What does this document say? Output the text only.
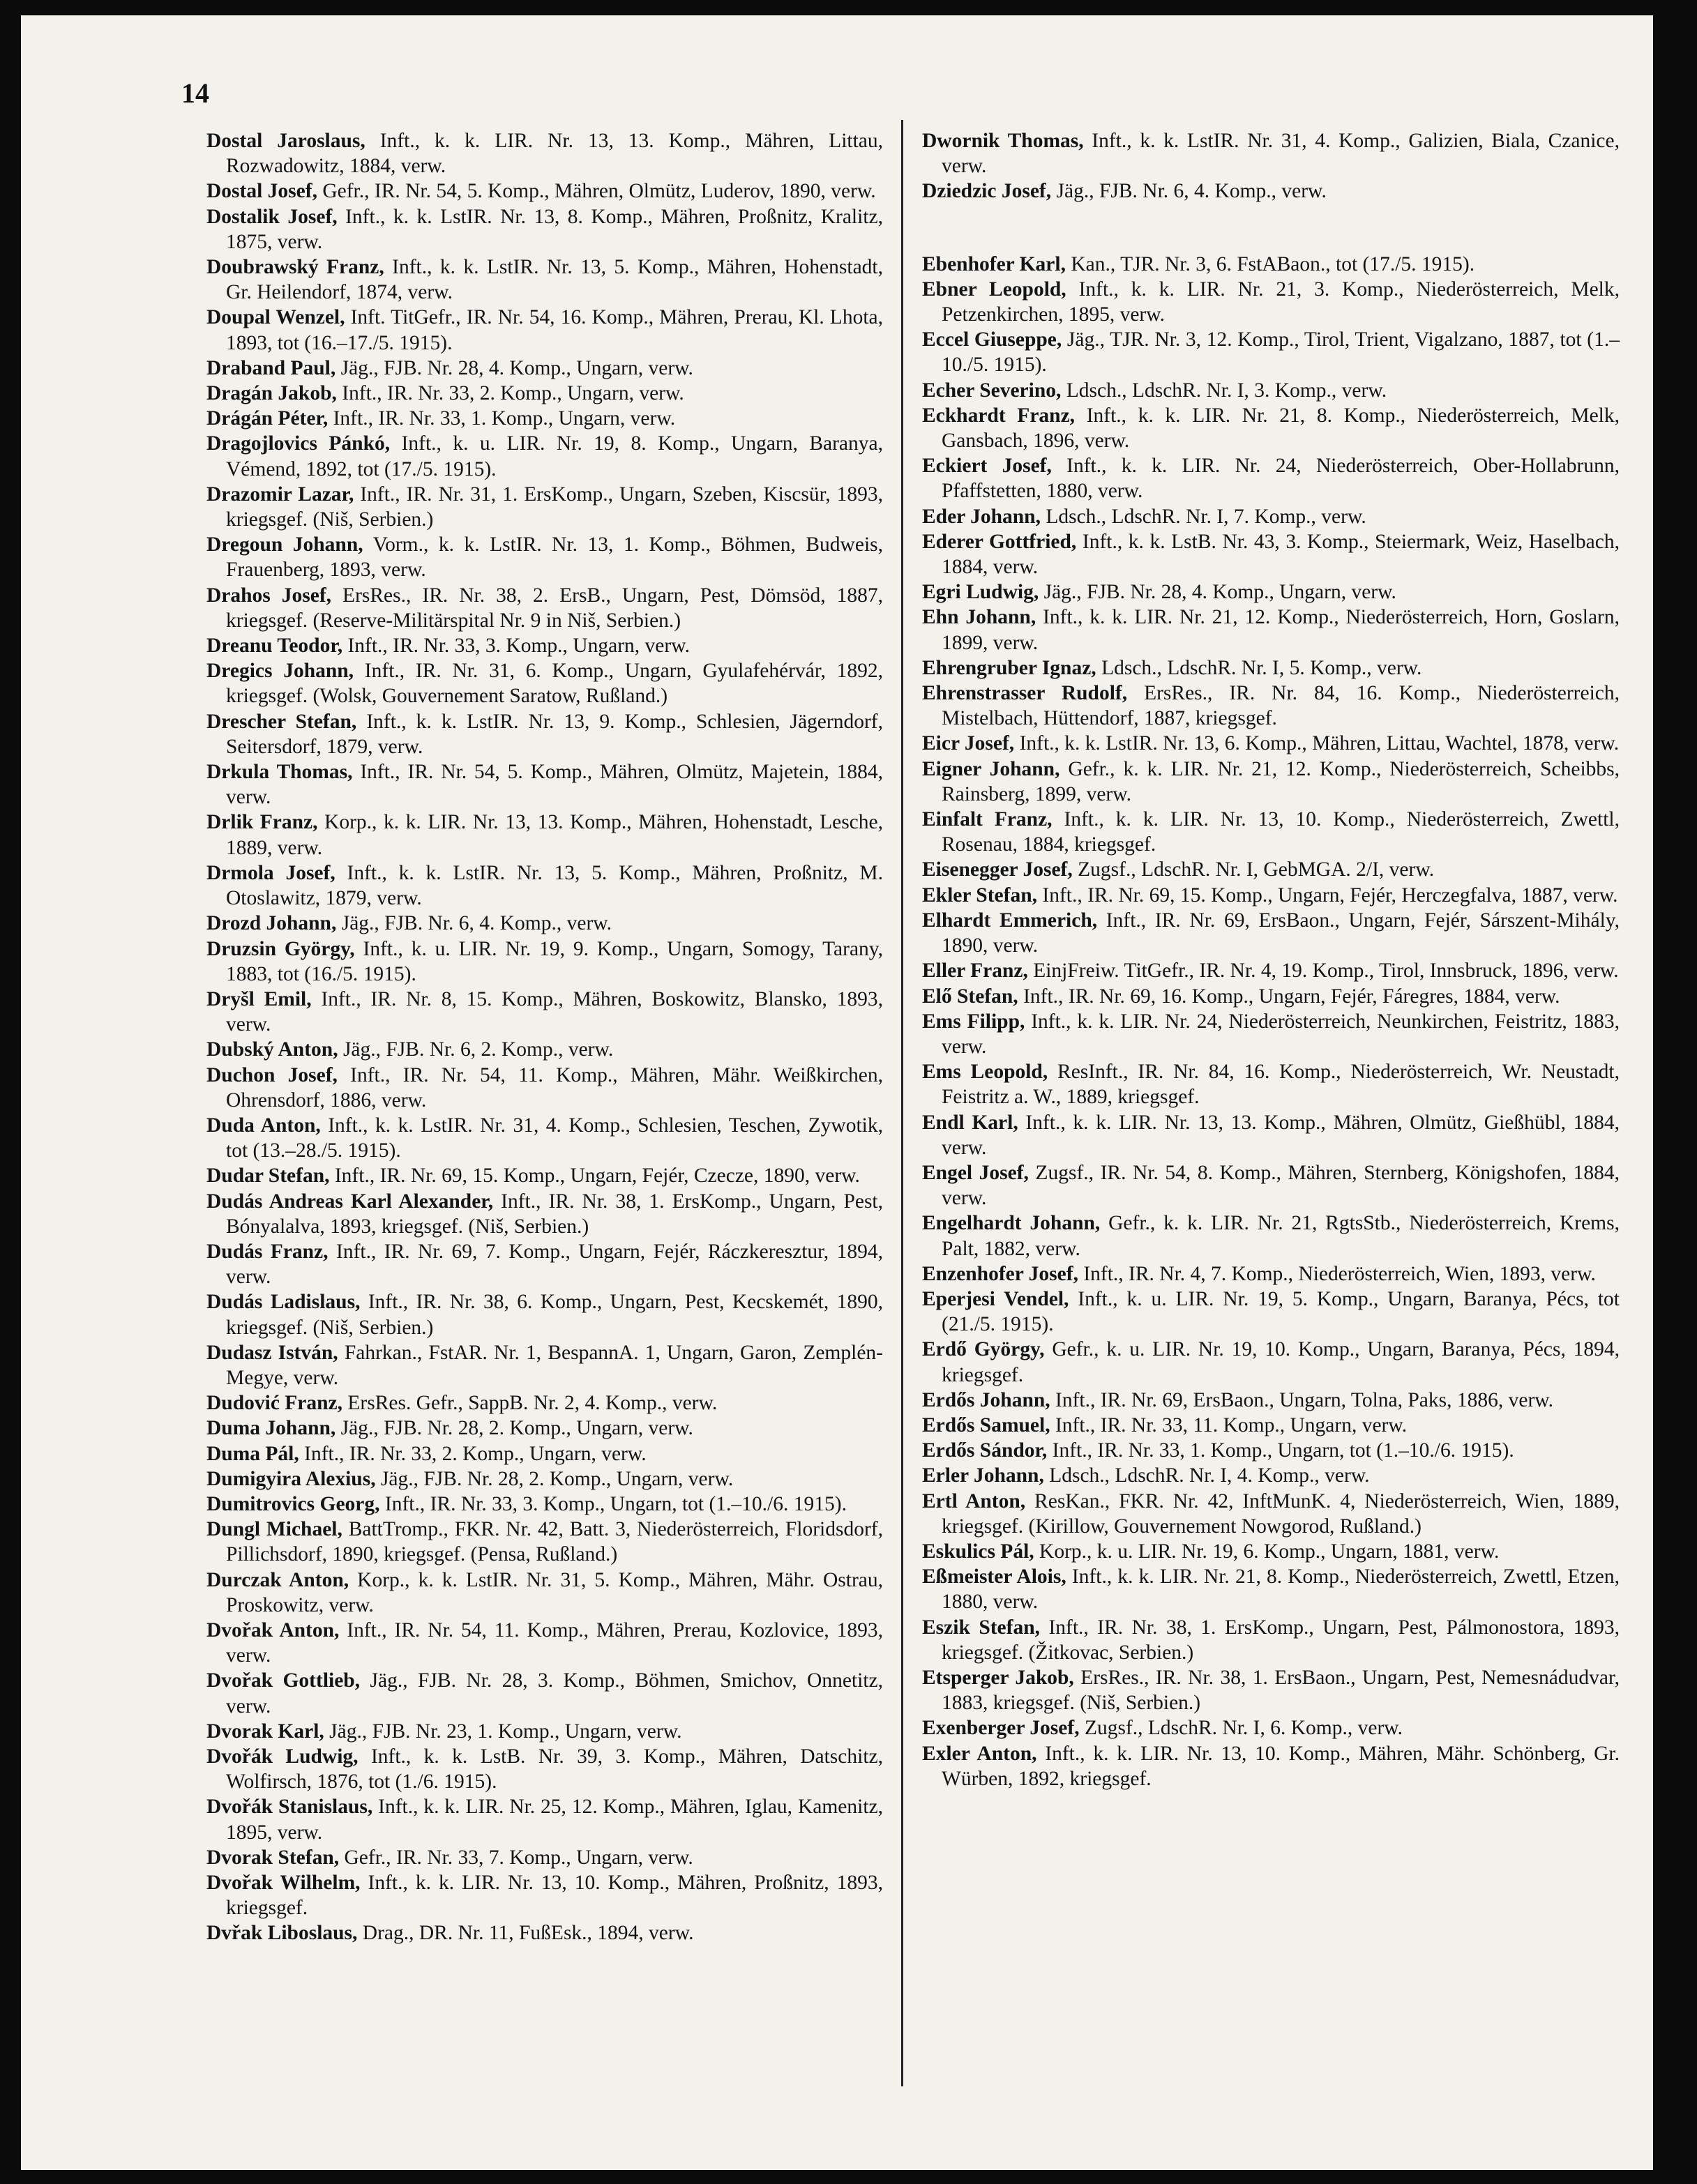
14
Dostal Jaroslaus, Inft., k. k. LIR. Nr. 13, 13. Komp., Mähren, Littau, Rozwadowitz, 1884, verw.
Dostal Josef, Gefr., IR. Nr. 54, 5. Komp., Mähren, Olmütz, Luderov, 1890, verw.
Dostalik Josef, Inft., k. k. LstIR. Nr. 13, 8. Komp., Mähren, Proßnitz, Kralitz, 1875, verw.
Doubrawský Franz, Inft., k. k. LstIR. Nr. 13, 5. Komp., Mähren, Hohenstadt, Gr. Heilendorf, 1874, verw.
Doupal Wenzel, Inft. TitGefr., IR. Nr. 54, 16. Komp., Mähren, Prerau, Kl. Lhota, 1893, tot (16.–17./5. 1915).
Draband Paul, Jäg., FJB. Nr. 28, 4. Komp., Ungarn, verw.
Dragán Jakob, Inft., IR. Nr. 33, 2. Komp., Ungarn, verw.
Drágán Péter, Inft., IR. Nr. 33, 1. Komp., Ungarn, verw.
Dragojlovics Pánkó, Inft., k. u. LIR. Nr. 19, 8. Komp., Ungarn, Baranya, Vémend, 1892, tot (17./5. 1915).
Drazomir Lazar, Inft., IR. Nr. 31, 1. ErsKomp., Ungarn, Szeben, Kiscsür, 1893, kriegsgef. (Niš, Serbien.)
Dregoun Johann, Vorm., k. k. LstIR. Nr. 13, 1. Komp., Böhmen, Budweis, Frauenberg, 1893, verw.
Drahos Josef, ErsRes., IR. Nr. 38, 2. ErsB., Ungarn, Pest, Dömsöd, 1887, kriegsgef. (Reserve-Militärspital Nr. 9 in Niš, Serbien.)
Dreanu Teodor, Inft., IR. Nr. 33, 3. Komp., Ungarn, verw.
Dregics Johann, Inft., IR. Nr. 31, 6. Komp., Ungarn, Gyulafehérvár, 1892, kriegsgef. (Wolsk, Gouvernement Saratow, Rußland.)
Drescher Stefan, Inft., k. k. LstIR. Nr. 13, 9. Komp., Schlesien, Jägerndorf, Seitersdorf, 1879, verw.
Drkula Thomas, Inft., IR. Nr. 54, 5. Komp., Mähren, Olmütz, Majetein, 1884, verw.
Drlik Franz, Korp., k. k. LIR. Nr. 13, 13. Komp., Mähren, Hohenstadt, Lesche, 1889, verw.
Drmola Josef, Inft., k. k. LstIR. Nr. 13, 5. Komp., Mähren, Proßnitz, M. Otoslawitz, 1879, verw.
Drozd Johann, Jäg., FJB. Nr. 6, 4. Komp., verw.
Druzsin György, Inft., k. u. LIR. Nr. 19, 9. Komp., Ungarn, Somogy, Tarany, 1883, tot (16./5. 1915).
Dryšl Emil, Inft., IR. Nr. 8, 15. Komp., Mähren, Boskowitz, Blansko, 1893, verw.
Dubský Anton, Jäg., FJB. Nr. 6, 2. Komp., verw.
Duchon Josef, Inft., IR. Nr. 54, 11. Komp., Mähren, Mähr. Weißkirchen, Ohrensdorf, 1886, verw.
Duda Anton, Inft., k. k. LstIR. Nr. 31, 4. Komp., Schlesien, Teschen, Zywotik, tot (13.–28./5. 1915).
Dudar Stefan, Inft., IR. Nr. 69, 15. Komp., Ungarn, Fejér, Czecze, 1890, verw.
Dudás Andreas Karl Alexander, Inft., IR. Nr. 38, 1. ErsKomp., Ungarn, Pest, Bónyalalva, 1893, kriegsgef. (Niš, Serbien.)
Dudás Franz, Inft., IR. Nr. 69, 7. Komp., Ungarn, Fejér, Ráczkeresztur, 1894, verw.
Dudás Ladislaus, Inft., IR. Nr. 38, 6. Komp., Ungarn, Pest, Kecskemét, 1890, kriegsgef. (Niš, Serbien.)
Dudasz István, Fahrkan., FstAR. Nr. 1, BespannA. 1, Ungarn, Garon, Zemplén-Megye, verw.
Dudović Franz, ErsRes. Gefr., SappB. Nr. 2, 4. Komp., verw.
Duma Johann, Jäg., FJB. Nr. 28, 2. Komp., Ungarn, verw.
Duma Pál, Inft., IR. Nr. 33, 2. Komp., Ungarn, verw.
Dumigyira Alexius, Jäg., FJB. Nr. 28, 2. Komp., Ungarn, verw.
Dumitrovics Georg, Inft., IR. Nr. 33, 3. Komp., Ungarn, tot (1.–10./6. 1915).
Dungl Michael, BattTromp., FKR. Nr. 42, Batt. 3, Niederösterreich, Floridsdorf, Pillichsdorf, 1890, kriegsgef. (Pensa, Rußland.)
Durczak Anton, Korp., k. k. LstIR. Nr. 31, 5. Komp., Mähren, Mähr. Ostrau, Proskowitz, verw.
Dvořak Anton, Inft., IR. Nr. 54, 11. Komp., Mähren, Prerau, Kozlovice, 1893, verw.
Dvořak Gottlieb, Jäg., FJB. Nr. 28, 3. Komp., Böhmen, Smichov, Onnetitz, verw.
Dvorak Karl, Jäg., FJB. Nr. 23, 1. Komp., Ungarn, verw.
Dvořák Ludwig, Inft., k. k. LstB. Nr. 39, 3. Komp., Mähren, Datschitz, Wolfirsch, 1876, tot (1./6. 1915).
Dvořák Stanislaus, Inft., k. k. LIR. Nr. 25, 12. Komp., Mähren, Iglau, Kamenitz, 1895, verw.
Dvorak Stefan, Gefr., IR. Nr. 33, 7. Komp., Ungarn, verw.
Dvořak Wilhelm, Inft., k. k. LIR. Nr. 13, 10. Komp., Mähren, Proßnitz, 1893, kriegsgef.
Dvřak Liboslaus, Drag., DR. Nr. 11, FußEsk., 1894, verw.
Dwornik Thomas, Inft., k. k. LstIR. Nr. 31, 4. Komp., Galizien, Biala, Czanice, verw.
Dziedzic Josef, Jäg., FJB. Nr. 6, 4. Komp., verw.
Ebenhofer Karl, Kan., TJR. Nr. 3, 6. FstABaon., tot (17./5. 1915).
Ebner Leopold, Inft., k. k. LIR. Nr. 21, 3. Komp., Niederösterreich, Melk, Petzenkirchen, 1895, verw.
Eccel Giuseppe, Jäg., TJR. Nr. 3, 12. Komp., Tirol, Trient, Vigalzano, 1887, tot (1.–10./5. 1915).
Echer Severino, Ldsch., LdschR. Nr. I, 3. Komp., verw.
Eckhardt Franz, Inft., k. k. LIR. Nr. 21, 8. Komp., Niederösterreich, Melk, Gansbach, 1896, verw.
Eckiert Josef, Inft., k. k. LIR. Nr. 24, Niederösterreich, Ober-Hollabrunn, Pfaffstetten, 1880, verw.
Eder Johann, Ldsch., LdschR. Nr. I, 7. Komp., verw.
Ederer Gottfried, Inft., k. k. LstB. Nr. 43, 3. Komp., Steiermark, Weiz, Haselbach, 1884, verw.
Egri Ludwig, Jäg., FJB. Nr. 28, 4. Komp., Ungarn, verw.
Ehn Johann, Inft., k. k. LIR. Nr. 21, 12. Komp., Niederösterreich, Horn, Goslarn, 1899, verw.
Ehrengruber Ignaz, Ldsch., LdschR. Nr. I, 5. Komp., verw.
Ehrenstrasser Rudolf, ErsRes., IR. Nr. 84, 16. Komp., Niederösterreich, Mistelbach, Hüttendorf, 1887, kriegsgef.
Eicr Josef, Inft., k. k. LstIR. Nr. 13, 6. Komp., Mähren, Littau, Wachtel, 1878, verw.
Eigner Johann, Gefr., k. k. LIR. Nr. 21, 12. Komp., Niederösterreich, Scheibbs, Rainsberg, 1899, verw.
Einfalt Franz, Inft., k. k. LIR. Nr. 13, 10. Komp., Niederösterreich, Zwettl, Rosenau, 1884, kriegsgef.
Eisenegger Josef, Zugsf., LdschR. Nr. I, GebMGA. 2/I, verw.
Ekler Stefan, Inft., IR. Nr. 69, 15. Komp., Ungarn, Fejér, Herczegfalva, 1887, verw.
Elhardt Emmerich, Inft., IR. Nr. 69, ErsBaon., Ungarn, Fejér, Sárszent-Mihály, 1890, verw.
Eller Franz, EinjFreiw. TitGefr., IR. Nr. 4, 19. Komp., Tirol, Innsbruck, 1896, verw.
Elő Stefan, Inft., IR. Nr. 69, 16. Komp., Ungarn, Fejér, Fáregres, 1884, verw.
Ems Filipp, Inft., k. k. LIR. Nr. 24, Niederösterreich, Neunkirchen, Feistritz, 1883, verw.
Ems Leopold, ResInft., IR. Nr. 84, 16. Komp., Niederösterreich, Wr. Neustadt, Feistritz a. W., 1889, kriegsgef.
Endl Karl, Inft., k. k. LIR. Nr. 13, 13. Komp., Mähren, Olmütz, Gießhübl, 1884, verw.
Engel Josef, Zugsf., IR. Nr. 54, 8. Komp., Mähren, Sternberg, Königshofen, 1884, verw.
Engelhardt Johann, Gefr., k. k. LIR. Nr. 21, RgtsStb., Niederösterreich, Krems, Palt, 1882, verw.
Enzenhofer Josef, Inft., IR. Nr. 4, 7. Komp., Niederösterreich, Wien, 1893, verw.
Eperjesi Vendel, Inft., k. u. LIR. Nr. 19, 5. Komp., Ungarn, Baranya, Pécs, tot (21./5. 1915).
Erdő György, Gefr., k. u. LIR. Nr. 19, 10. Komp., Ungarn, Baranya, Pécs, 1894, kriegsgef.
Erdős Johann, Inft., IR. Nr. 69, ErsBaon., Ungarn, Tolna, Paks, 1886, verw.
Erdős Samuel, Inft., IR. Nr. 33, 11. Komp., Ungarn, verw.
Erdős Sándor, Inft., IR. Nr. 33, 1. Komp., Ungarn, tot (1.–10./6. 1915).
Erler Johann, Ldsch., LdschR. Nr. I, 4. Komp., verw.
Ertl Anton, ResKan., FKR. Nr. 42, InftMunK. 4, Niederösterreich, Wien, 1889, kriegsgef. (Kirillow, Gouvernement Nowgorod, Rußland.)
Eskulics Pál, Korp., k. u. LIR. Nr. 19, 6. Komp., Ungarn, 1881, verw.
Eßmeister Alois, Inft., k. k. LIR. Nr. 21, 8. Komp., Niederösterreich, Zwettl, Etzen, 1880, verw.
Eszik Stefan, Inft., IR. Nr. 38, 1. ErsKomp., Ungarn, Pest, Pálmonostora, 1893, kriegsgef. (Žitkovac, Serbien.)
Etsperger Jakob, ErsRes., IR. Nr. 38, 1. ErsBaon., Ungarn, Pest, Nemesnádudvar, 1883, kriegsgef. (Niš, Serbien.)
Exenberger Josef, Zugsf., LdschR. Nr. I, 6. Komp., verw.
Exler Anton, Inft., k. k. LIR. Nr. 13, 10. Komp., Mähren, Mähr. Schönberg, Gr. Würben, 1892, kriegsgef.
